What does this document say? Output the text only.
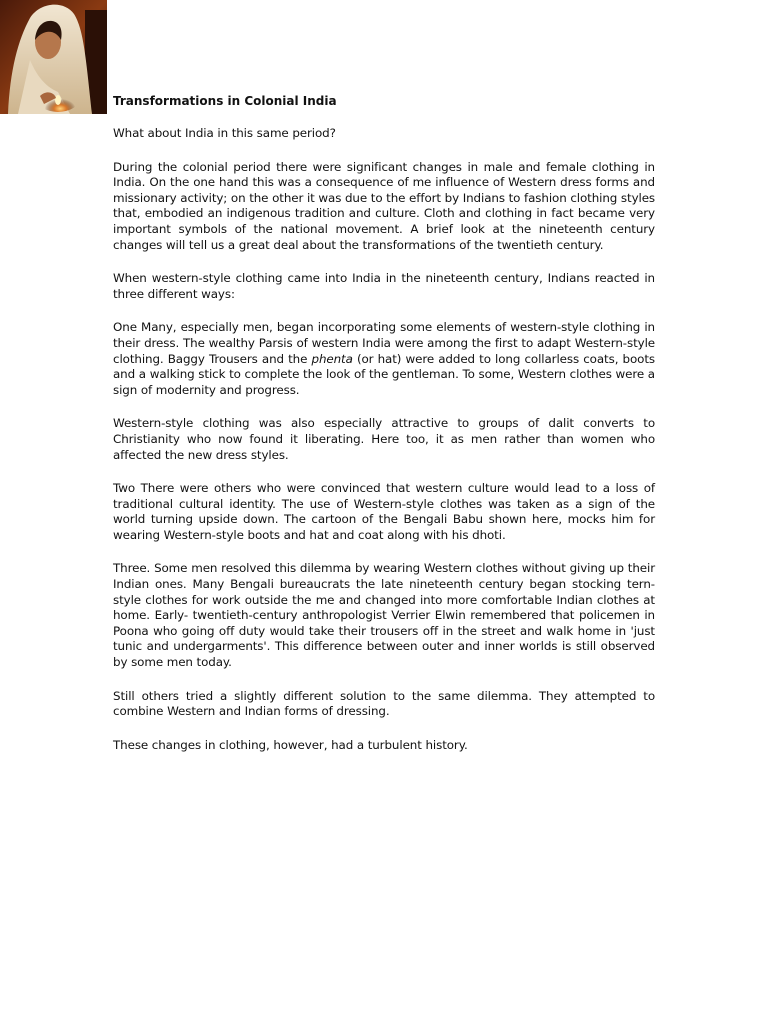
Transformations in Colonial India

What about India in this same period?

During the colonial period there were significant changes in male and female clothing in India. On the one hand this was a consequence of me influence of Western dress forms and missionary activity; on the other it was due to the effort by Indians to fashion clothing styles that, embodied an indigenous tradition and culture. Cloth and clothing in fact became very important symbols of the national movement. A brief look at the nineteenth century changes will tell us a great deal about the transformations of the twentieth century.

When western-style clothing came into India in the nineteenth century, Indians reacted in three different ways:

One Many, especially men, began incorporating some elements of western-style clothing in their dress. The wealthy Parsis of western India were among the first to adapt Western-style clothing. Baggy Trousers and the phenta (or hat) were added to long collarless coats, boots and a walking stick to complete the look of the gentleman. To some, Western clothes were a sign of modernity and progress.

Western-style clothing was also especially attractive to groups of dalit converts to Christianity who now found it liberating. Here too, it as men rather than women who affected the new dress styles.

Two There were others who were convinced that western culture would lead to a loss of traditional cultural identity. The use of Western-style clothes was taken as a sign of the world turning upside down. The cartoon of the Bengali Babu shown here, mocks him for wearing Western-style boots and hat and coat along with his dhoti.

Three. Some men resolved this dilemma by wearing Western clothes without giving up their Indian ones. Many Bengali bureaucrats the late nineteenth century began stocking tern-style clothes for work outside the me and changed into more comfortable Indian clothes at home. Early- twentieth-century anthropologist Verrier Elwin remembered that policemen in Poona who going off duty would take their trousers off in the street and walk home in 'just tunic and undergarments'. This difference between outer and inner worlds is still observed by some men today.

Still others tried a slightly different solution to the same dilemma. They attempted to combine Western and Indian forms of dressing.

These changes in clothing, however, had a turbulent history.
